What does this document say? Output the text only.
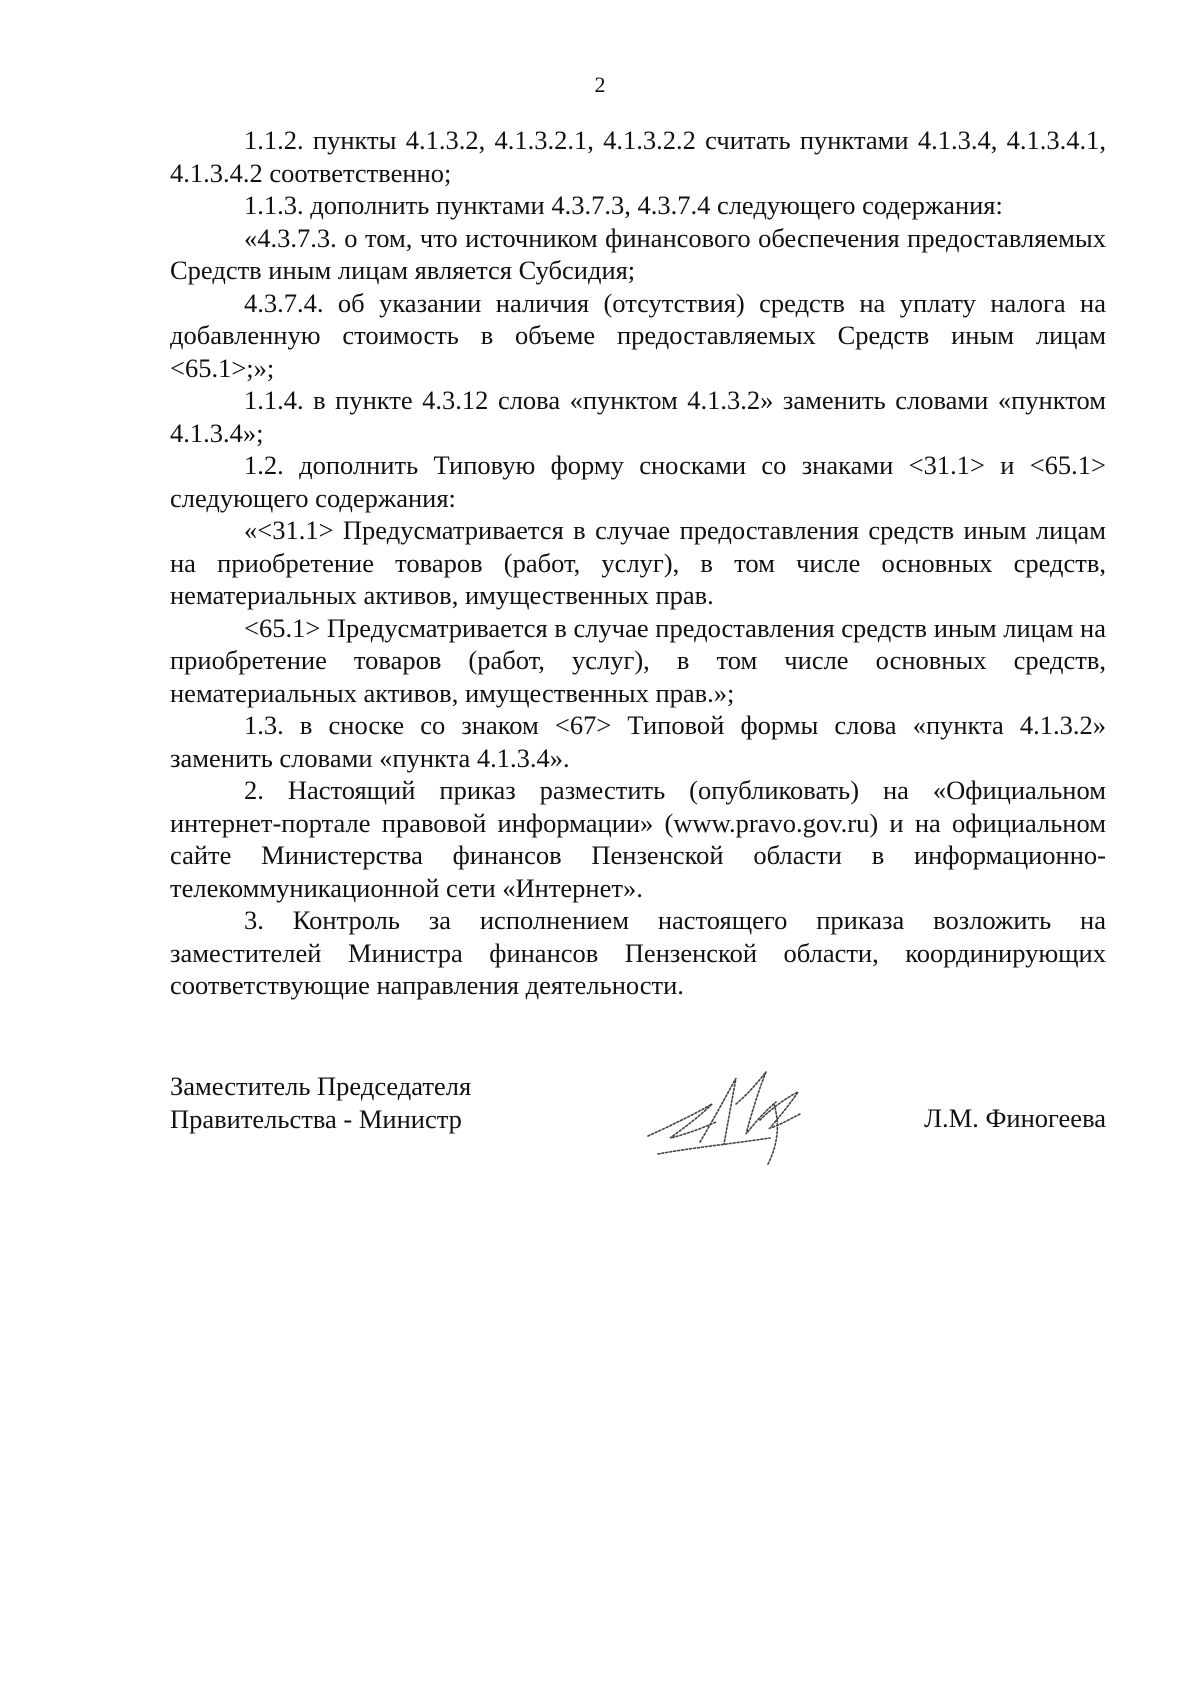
2

1.1.2. пункты 4.1.3.2, 4.1.3.2.1, 4.1.3.2.2 считать пунктами 4.1.3.4, 4.1.3.4.1, 4.1.3.4.2 соответственно;

1.1.3. дополнить пунктами 4.3.7.3, 4.3.7.4 следующего содержания:

«4.3.7.3. о том, что источником финансового обеспечения предоставляемых Средств иным лицам является Субсидия;

4.3.7.4. об указании наличия (отсутствия) средств на уплату налога на добавленную стоимость в объеме предоставляемых Средств иным лицам <65.1>;»;

1.1.4. в пункте 4.3.12 слова «пунктом 4.1.3.2» заменить словами «пунктом 4.1.3.4»;

1.2. дополнить Типовую форму сносками со знаками <31.1> и <65.1> следующего содержания:

«<31.1> Предусматривается в случае предоставления средств иным лицам на приобретение товаров (работ, услуг), в том числе основных средств, нематериальных активов, имущественных прав.

<65.1> Предусматривается в случае предоставления средств иным лицам на приобретение товаров (работ, услуг), в том числе основных средств, нематериальных активов, имущественных прав.»;

1.3. в сноске со знаком <67> Типовой формы слова «пункта 4.1.3.2» заменить словами «пункта 4.1.3.4».

2. Настоящий приказ разместить (опубликовать) на «Официальном интернет-портале правовой информации» (www.pravo.gov.ru) и на официальном сайте Министерства финансов Пензенской области в информационно-телекоммуникационной сети «Интернет».

3. Контроль за исполнением настоящего приказа возложить на заместителей Министра финансов Пензенской области, координирующих соответствующие направления деятельности.

Заместитель Председателя
Правительства - Министр	Л.М. Финогеева
